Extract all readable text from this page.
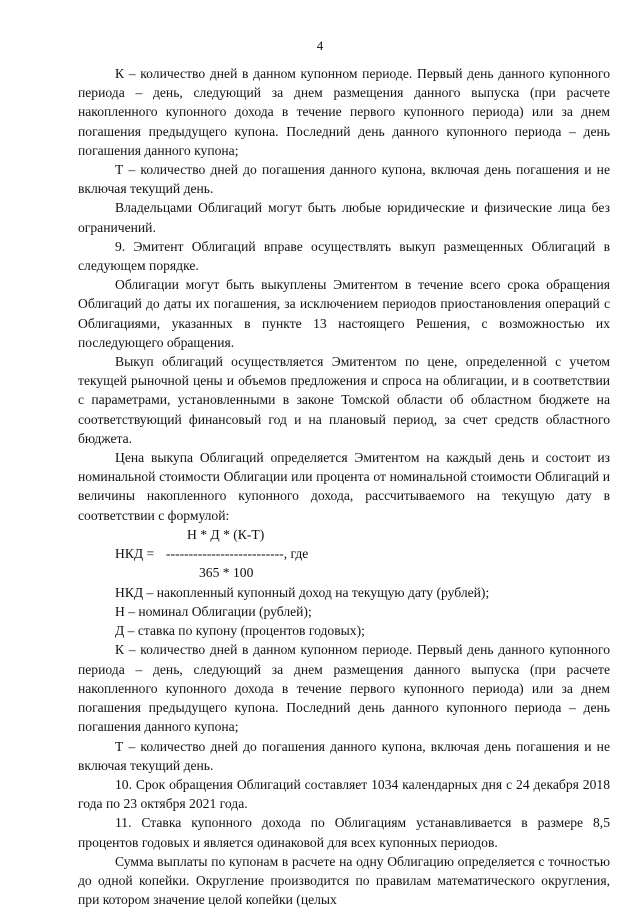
4

К – количество дней в данном купонном периоде. Первый день данного купонного периода – день, следующий за днем размещения данного выпуска (при расчете накопленного купонного дохода в течение первого купонного периода) или за днем погашения предыдущего купона. Последний день данного купонного периода – день погашения данного купона;

Т – количество дней до погашения данного купона, включая день погашения и не включая текущий день.

Владельцами Облигаций могут быть любые юридические и физические лица без ограничений.

9. Эмитент Облигаций вправе осуществлять выкуп размещенных Облигаций в следующем порядке.

Облигации могут быть выкуплены Эмитентом в течение всего срока обращения Облигаций до даты их погашения, за исключением периодов приостановления операций с Облигациями, указанных в пункте 13 настоящего Решения, с возможностью их последующего обращения.

Выкуп облигаций осуществляется Эмитентом по цене, определенной с учетом текущей рыночной цены и объемов предложения и спроса на облигации, и в соответствии с параметрами, установленными в законе Томской области об областном бюджете на соответствующий финансовый год и на плановый период, за счет средств областного бюджета.

Цена выкупа Облигаций определяется Эмитентом на каждый день и состоит из номинальной стоимости Облигации или процента от номинальной стоимости Облигаций и величины накопленного купонного дохода, рассчитываемого на текущую дату в соответствии с формулой:

Н * Д * (К-Т)
НКД = --------------------------, где
365 * 100

НКД – накопленный купонный доход на текущую дату (рублей);

Н – номинал Облигации (рублей);

Д – ставка по купону (процентов годовых);

К – количество дней в данном купонном периоде. Первый день данного купонного периода – день, следующий за днем размещения данного выпуска (при расчете накопленного купонного дохода в течение первого купонного периода) или за днем погашения предыдущего купона. Последний день данного купонного периода – день погашения данного купона;

Т – количество дней до погашения данного купона, включая день погашения и не включая текущий день.

10. Срок обращения Облигаций составляет 1034 календарных дня с 24 декабря 2018 года по 23 октября 2021 года.

11. Ставка купонного дохода по Облигациям устанавливается в размере 8,5 процентов годовых и является одинаковой для всех купонных периодов.

Сумма выплаты по купонам в расчете на одну Облигацию определяется с точностью до одной копейки. Округление производится по правилам математического округления, при котором значение целой копейки (целых
